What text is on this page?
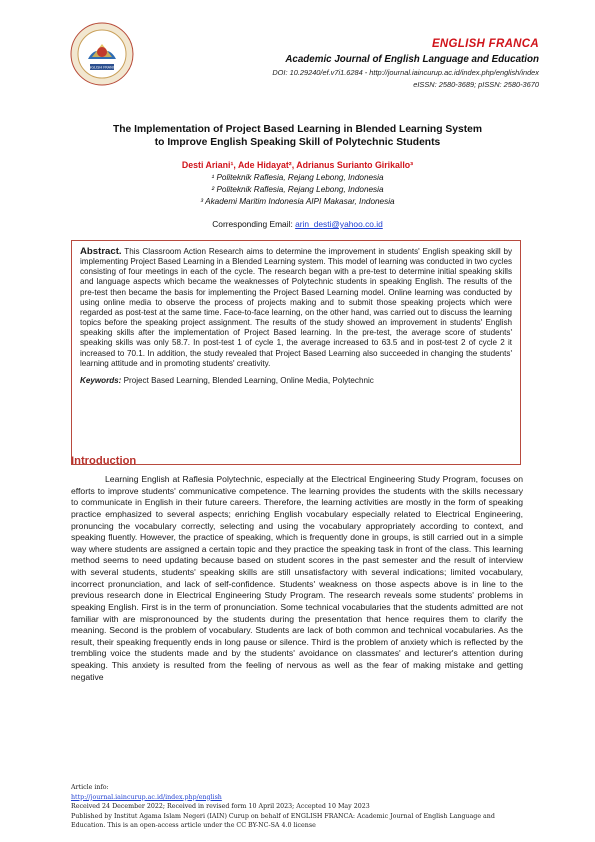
ENGLISH FRANCA
ENGLISH FRANCA
Academic Journal of English Language and Education
DOI: 10.29240/ef.v7i1.6284 - http://journal.iaincurup.ac.id/index.php/english/index
eISSN: 2580-3689; pISSN: 2580-3670
The Implementation of Project Based Learning in Blended Learning System
to Improve English Speaking Skill of Polytechnic Students
Desti Ariani¹, Ade Hidayat², Adrianus Surianto Girikallo³
¹ Politeknik Raflesia, Rejang Lebong, Indonesia
² Politeknik Raflesia, Rejang Lebong, Indonesia
³ Akademi Maritim Indonesia AIPI Makasar, Indonesia
Corresponding Email: arin_desti@yahoo.co.id

Abstract. This Classroom Action Research aims to determine the improvement in students' English speaking skill by implementing Project Based Learning in a Blended Learning system. This model of learning was conducted in two cycles consisting of four meetings in each of the cycle. The research began with a pre-test to determine initial speaking skills and language aspects which became the weaknesses of Polytechnic students in speaking English. The results of the pre-test then became the basis for implementing the Project Based Learning model. Online learning was conducted by using online media to observe the process of projects making and to submit those speaking projects which were regarded as post-test at the same time. Face-to-face learning, on the other hand, was carried out to discuss the learning topics before the speaking project assignment. The results of the study showed an improvement in students' English speaking skills after the implementation of Project Based learning. In the pre-test, the average score of students' speaking skills was only 58.7. In post-test 1 of cycle 1, the average increased to 63.5 and in post-test 2 of cycle 2 it increased to 70.1. In addition, the study revealed that Project Based Learning also succeeded in changing the students' learning attitude and in promoting students' creativity.

Keywords: Project Based Learning, Blended Learning, Online Media, Polytechnic
Introduction

Learning English at Raflesia Polytechnic, especially at the Electrical Engineering Study Program, focuses on efforts to improve students' communicative competence. The learning provides the students with the skills necessary to communicate in English in their future careers. Therefore, the learning activities are mostly in the form of speaking practice emphasized to several aspects; enriching English vocabulary especially related to Electrical Engineering, pronuncing the vocabulary correctly, selecting and using the vocabulary appropriately according to context, and speaking fluently. However, the practice of speaking, which is frequently done in groups, is still carried out in a simple way where students are assigned a certain topic and they practice the speaking task in front of the class. This learning method seems to need updating because based on student scores in the past semester and the result of interview with several students, students' speaking skills are still unsatisfactory with several indications; limited vocabulary, incorrect pronunciation, and lack of self-confidence. Students' weakness on those aspects above is in line to the previous research done in Electrical Engineering Study Program. The research reveals some students' problems in speaking English. First is in the term of pronunciation. Some technical vocabularies that the students admitted are not familiar with are mispronounced by the students during the presentation that hence requires them to clarify the meaning. Second is the problem of vocabulary. Students are lack of both common and technical vocabularies. As the result, their speaking frequently ends in long pause or silence. Third is the problem of anxiety which is reflected by the trembling voice the students made and by the students' avoidance on classmates' and lecturer's attention during speaking. This anxiety is resulted from the feeling of nervous as well as the fear of making mistake and getting negative

Article info:
http://journal.iaincurup.ac.id/index.php/english
Received 24 December 2022; Received in revised form 10 April 2023; Accepted 10 May 2023
Published by Institut Agama Islam Negeri (IAIN) Curup on behalf of ENGLISH FRANCA: Academic Journal of English Language and Education. This is an open-access article under the CC BY-NC-SA 4.0 license
